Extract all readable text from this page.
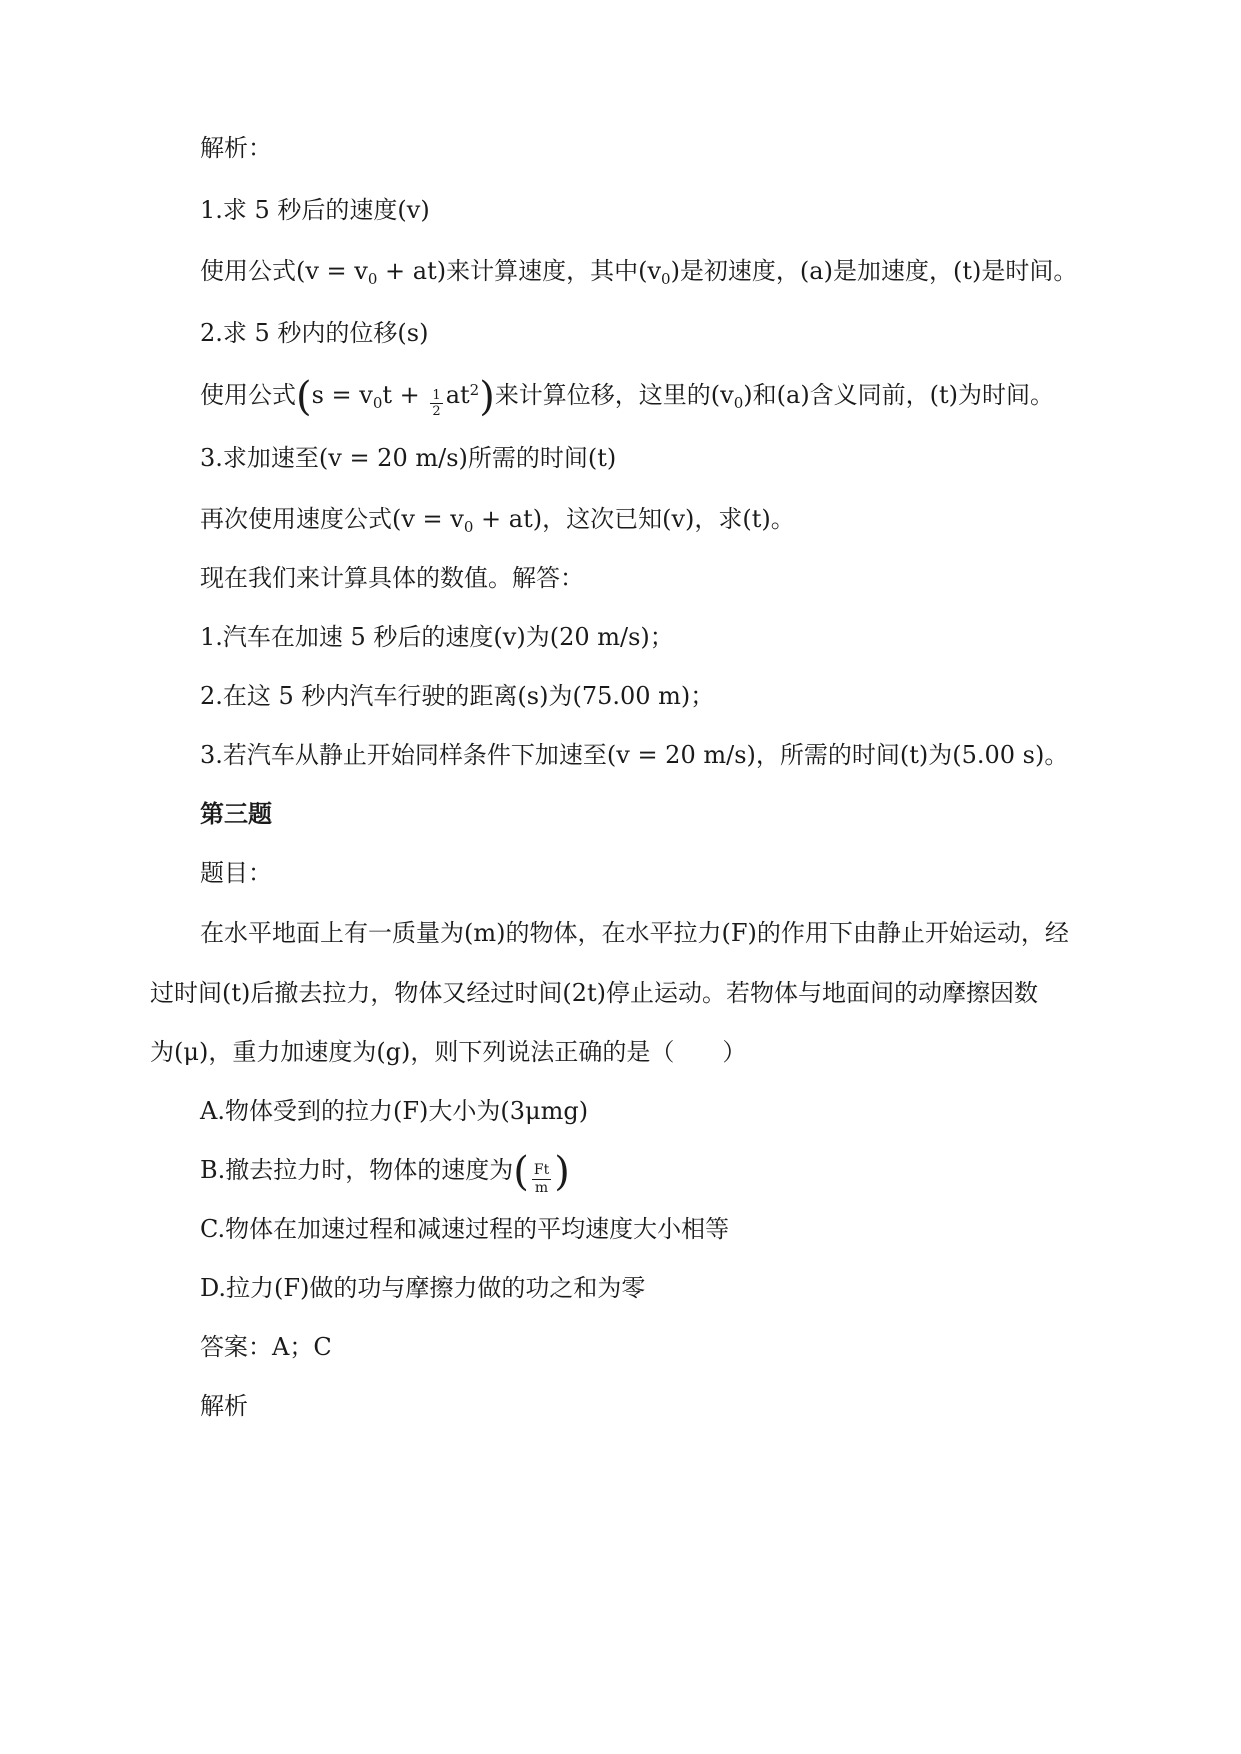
解析：
1.求 5 秒后的速度(v)
使用公式$(v = v_0 + at)$来计算速度，其中$(v_0)$是初速度，(a)是加速度，(t)是时间。
2.求 5 秒内的位移(s)
使用公式$(s = v_0t + \frac{1}{2} at^2)$来计算位移，这里的$(v_0)$和(a)含义同前，(t)为时间。
3.求加速至(v = 20 m/s)所需的时间(t)
再次使用速度公式$(v = v_0 + at)$，这次已知(v)，求(t)。
现在我们来计算具体的数值。解答：
1.汽车在加速 5 秒后的速度(v)为(20 m/s)；
2.在这 5 秒内汽车行驶的距离(s)为(75.00 m)；
3.若汽车从静止开始同样条件下加速至(v = 20 m/s)，所需的时间(t)为(5.00 s)。
第三题
题目：
在水平地面上有一质量为(m)的物体，在水平拉力(F)的作用下由静止开始运动，经
过时间(t)后撤去拉力，物体又经过时间(2t)停止运动。若物体与地面间的动摩擦因数
为(μ)，重力加速度为(g)，则下列说法正确的是（　　）
A.物体受到的拉力(F)大小为(3μmg)
B.撤去拉力时，物体的速度为( $\frac{Ft}{m}$ )
C.物体在加速过程和减速过程的平均速度大小相等
D.拉力(F)做的功与摩擦力做的功之和为零
答案：A；C
解析
